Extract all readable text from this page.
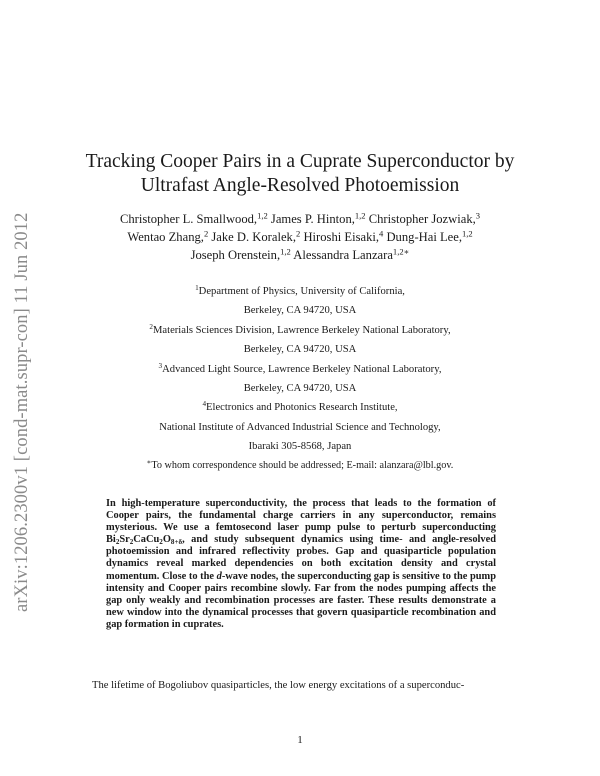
arXiv:1206.2300v1 [cond-mat.supr-con] 11 Jun 2012
Tracking Cooper Pairs in a Cuprate Superconductor by
Ultrafast Angle-Resolved Photoemission
Christopher L. Smallwood,$^{1,2}$ James P. Hinton,$^{1,2}$ Christopher Jozwiak,$^3$
Wentao Zhang,$^2$ Jake D. Koralek,$^2$ Hiroshi Eisaki,$^4$ Dung-Hai Lee,$^{1,2}$
Joseph Orenstein,$^{1,2}$ Alessandra Lanzara$^{1,2∗}$
$^1$Department of Physics, University of California,
Berkeley, CA 94720, USA
$^2$Materials Sciences Division, Lawrence Berkeley National Laboratory,
Berkeley, CA 94720, USA
$^3$Advanced Light Source, Lawrence Berkeley National Laboratory,
Berkeley, CA 94720, USA
$^4$Electronics and Photonics Research Institute,
National Institute of Advanced Industrial Science and Technology,
Ibaraki 305-8568, Japan
∗To whom correspondence should be addressed; E-mail: alanzara@lbl.gov.
In high-temperature superconductivity, the process that leads to the formation of Cooper pairs, the fundamental charge carriers in any superconductor, remains mysterious. We use a femtosecond laser pump pulse to perturb superconducting $Bi_2Sr_2CaCu_2O_{8+\delta}$, and study subsequent dynamics using time- and angle-resolved photoemission and infrared reflectivity probes. Gap and quasiparticle population dynamics reveal marked dependencies on both excitation density and crystal momentum. Close to the d-wave nodes, the superconducting gap is sensitive to the pump intensity and Cooper pairs recombine slowly. Far from the nodes pumping affects the gap only weakly and recombination processes are faster. These results demonstrate a new window into the dynamical processes that govern quasiparticle recombination and gap formation in cuprates.
The lifetime of Bogoliubov quasiparticles, the low energy excitations of a superconduc-
1
